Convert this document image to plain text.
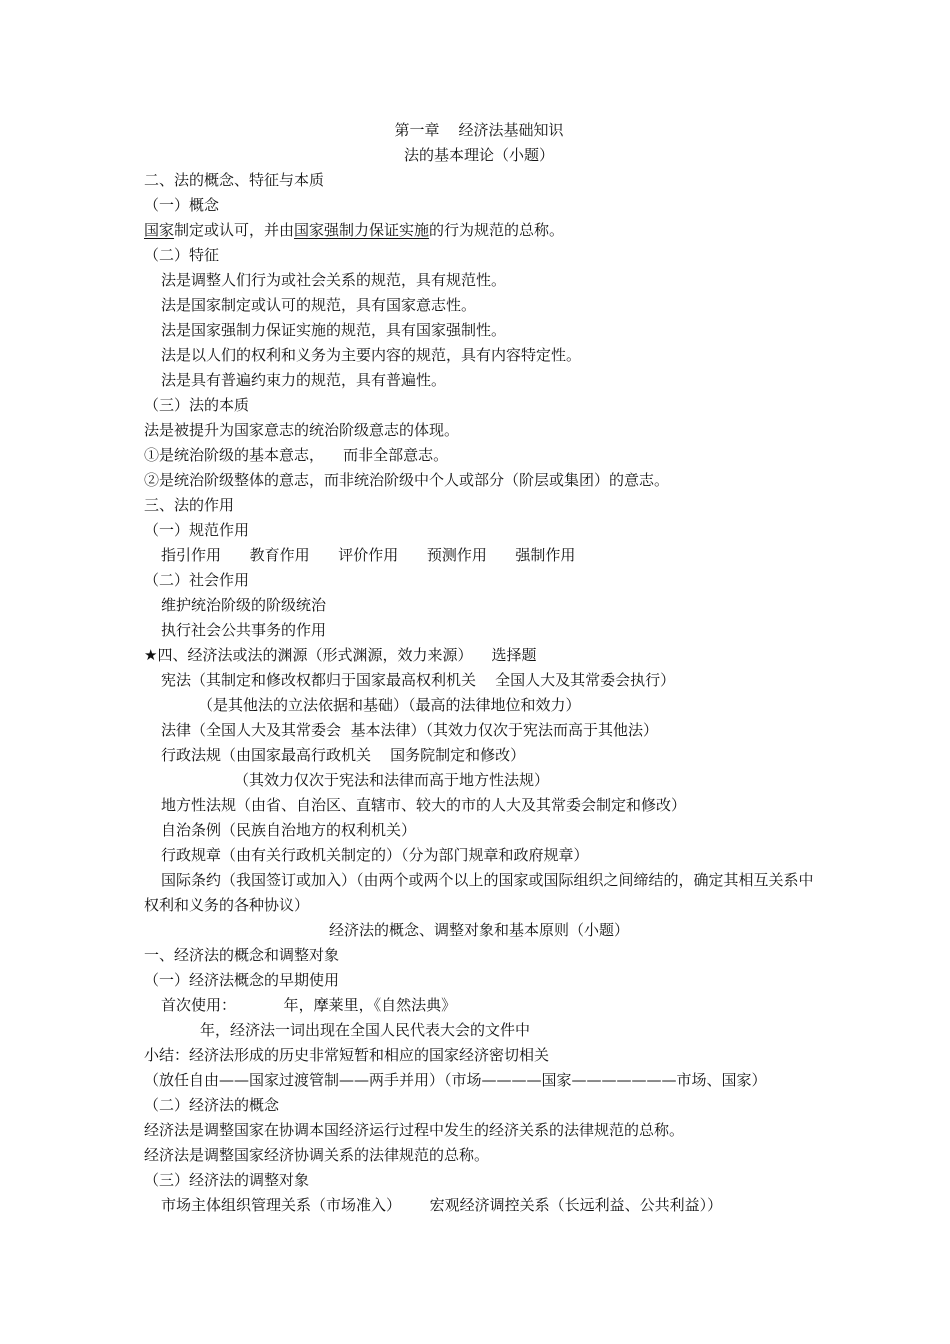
第一章    经济法基础知识
法的基本理论（小题）
二、法的概念、特征与本质
（一）概念
国家制定或认可，并由国家强制力保证实施的行为规范的总称。
（二）特征
法是调整人们行为或社会关系的规范，具有规范性。
法是国家制定或认可的规范，具有国家意志性。
法是国家强制力保证实施的规范，具有国家强制性。
法是以人们的权利和义务为主要内容的规范，具有内容特定性。
法是具有普遍约束力的规范，具有普遍性。
（三）法的本质
法是被提升为国家意志的统治阶级意志的体现。
①是统治阶级的基本意志，    而非全部意志。
②是统治阶级整体的意志，而非统治阶级中个人或部分（阶层或集团）的意志。
三、法的作用
（一）规范作用
指引作用      教育作用      评价作用      预测作用      强制作用
（二）社会作用
维护统治阶级的阶级统治
执行社会公共事务的作用
★四、经济法或法的渊源（形式渊源，效力来源）    选择题
宪法（其制定和修改权都归于国家最高权利机关    全国人大及其常委会执行）
（是其他法的立法依据和基础）（最高的法律地位和效力）
法律（全国人大及其常委会  基本法律）（其效力仅次于宪法而高于其他法）
行政法规（由国家最高行政机关    国务院制定和修改）
（其效力仅次于宪法和法律而高于地方性法规）
地方性法规（由省、自治区、直辖市、较大的市的人大及其常委会制定和修改）
自治条例（民族自治地方的权利机关）
行政规章（由有关行政机关制定的）（分为部门规章和政府规章）
国际条约（我国签订或加入）（由两个或两个以上的国家或国际组织之间缔结的，确定其相互关系中权利和义务的各种协议）
经济法的概念、调整对象和基本原则（小题）
一、经济法的概念和调整对象
（一）经济法概念的早期使用
首次使用：          年，摩莱里，《自然法典》
年，经济法一词出现在全国人民代表大会的文件中
小结：经济法形成的历史非常短暂和相应的国家经济密切相关
（放任自由——国家过渡管制——两手并用）（市场————国家———————市场、国家）
（二）经济法的概念
经济法是调整国家在协调本国经济运行过程中发生的经济关系的法律规范的总称。
经济法是调整国家经济协调关系的法律规范的总称。
（三）经济法的调整对象
市场主体组织管理关系（市场准入）      宏观经济调控关系（长远利益、公共利益））
